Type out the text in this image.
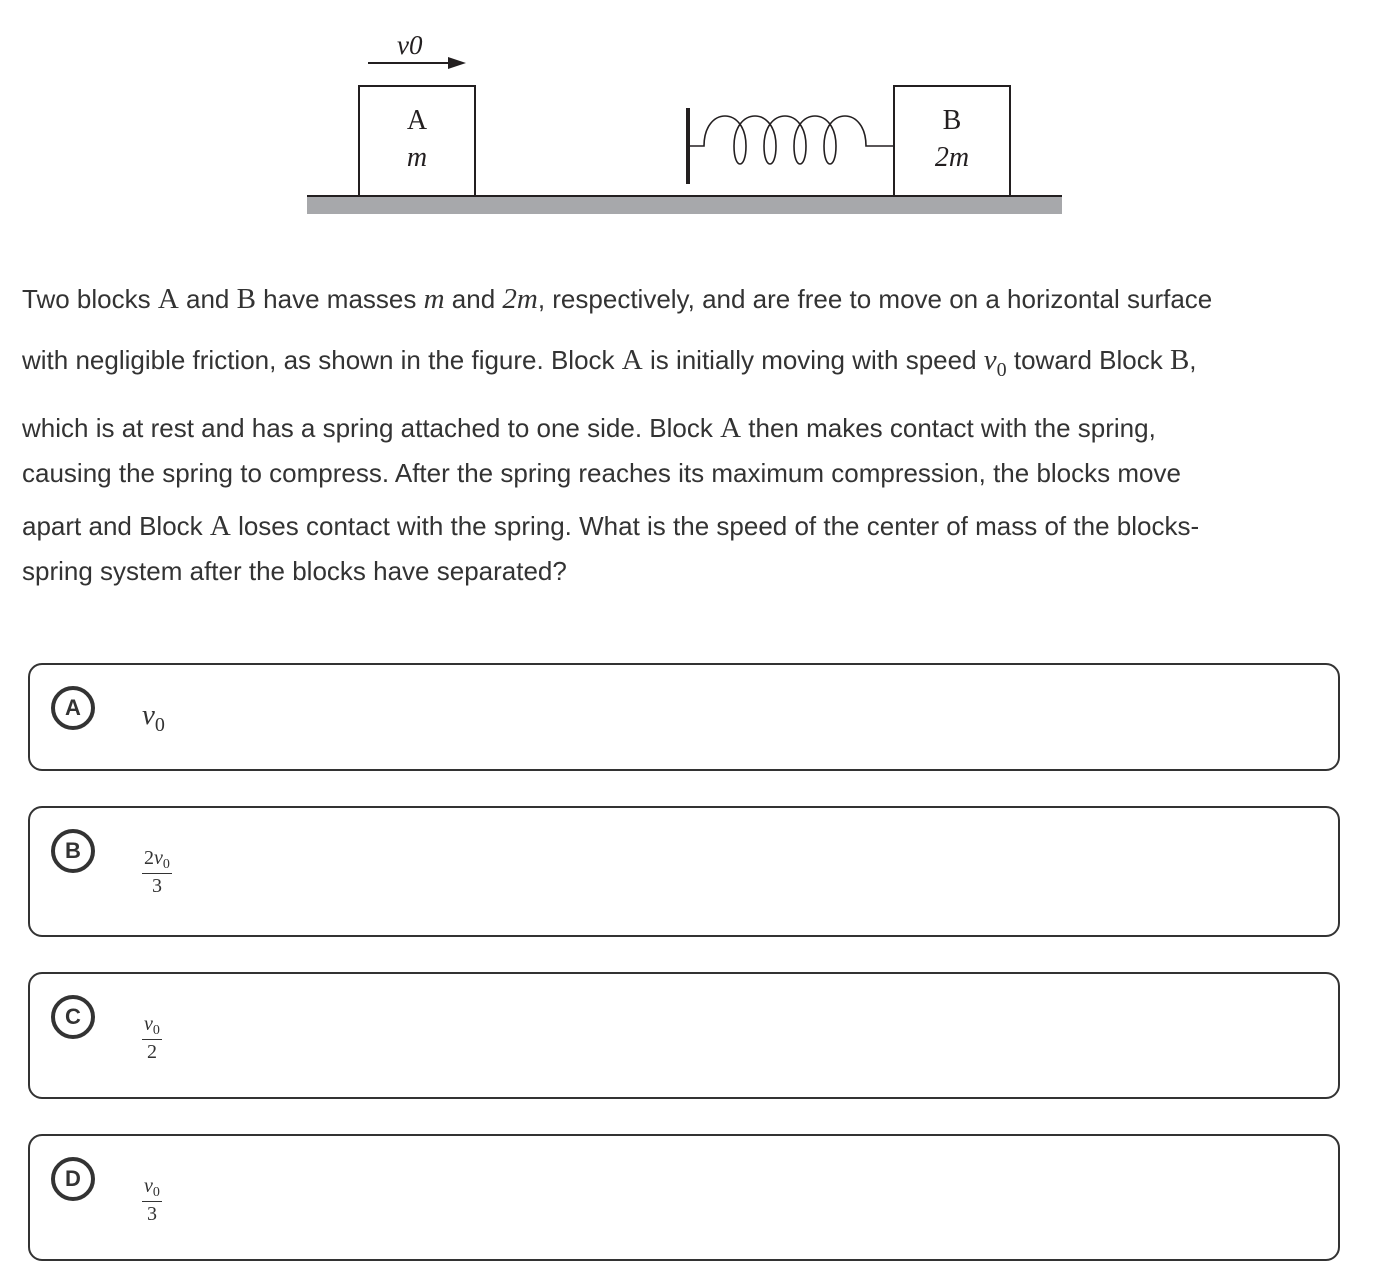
v0
A
m
B
2m
Two blocks A and B have masses m and 2m, respectively, and are free to move on a horizontal surface
with negligible friction, as shown in the figure. Block A is initially moving with speed $v_0$ toward Block B,
which is at rest and has a spring attached to one side. Block A then makes contact with the spring,
causing the spring to compress. After the spring reaches its maximum compression, the blocks move
apart and Block A loses contact with the spring. What is the speed of the center of mass of the blocks-
spring system after the blocks have separated?
A	$v_0$
B	$\frac{2v_0}{3}$
C	$\frac{v_0}{2}$
D	$\frac{v_0}{3}$
